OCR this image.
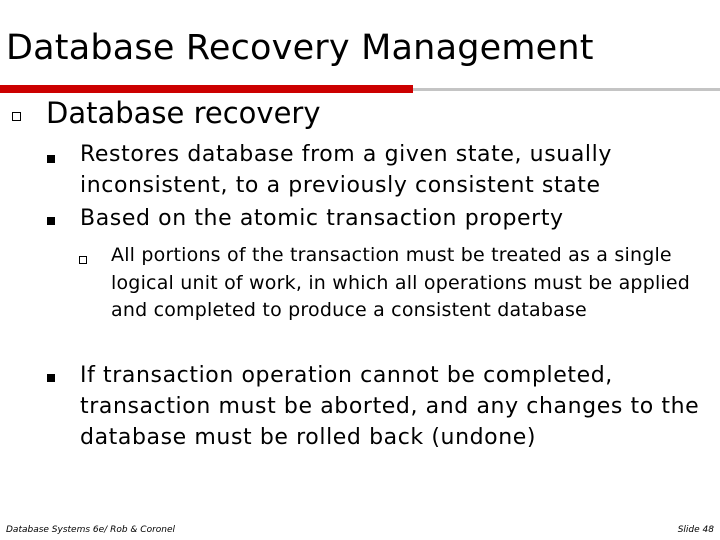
Database Recovery Management
Database recovery
Restores database from a given state, usually inconsistent, to a previously consistent state
Based on the atomic transaction property
All portions of the transaction must be treated as a single logical unit of work, in which all operations must be applied and completed to produce a consistent database
If transaction operation cannot be completed, transaction must be aborted, and any changes to the database must be rolled back (undone)
Database Systems 6e/ Rob & Coronel	Slide 48
